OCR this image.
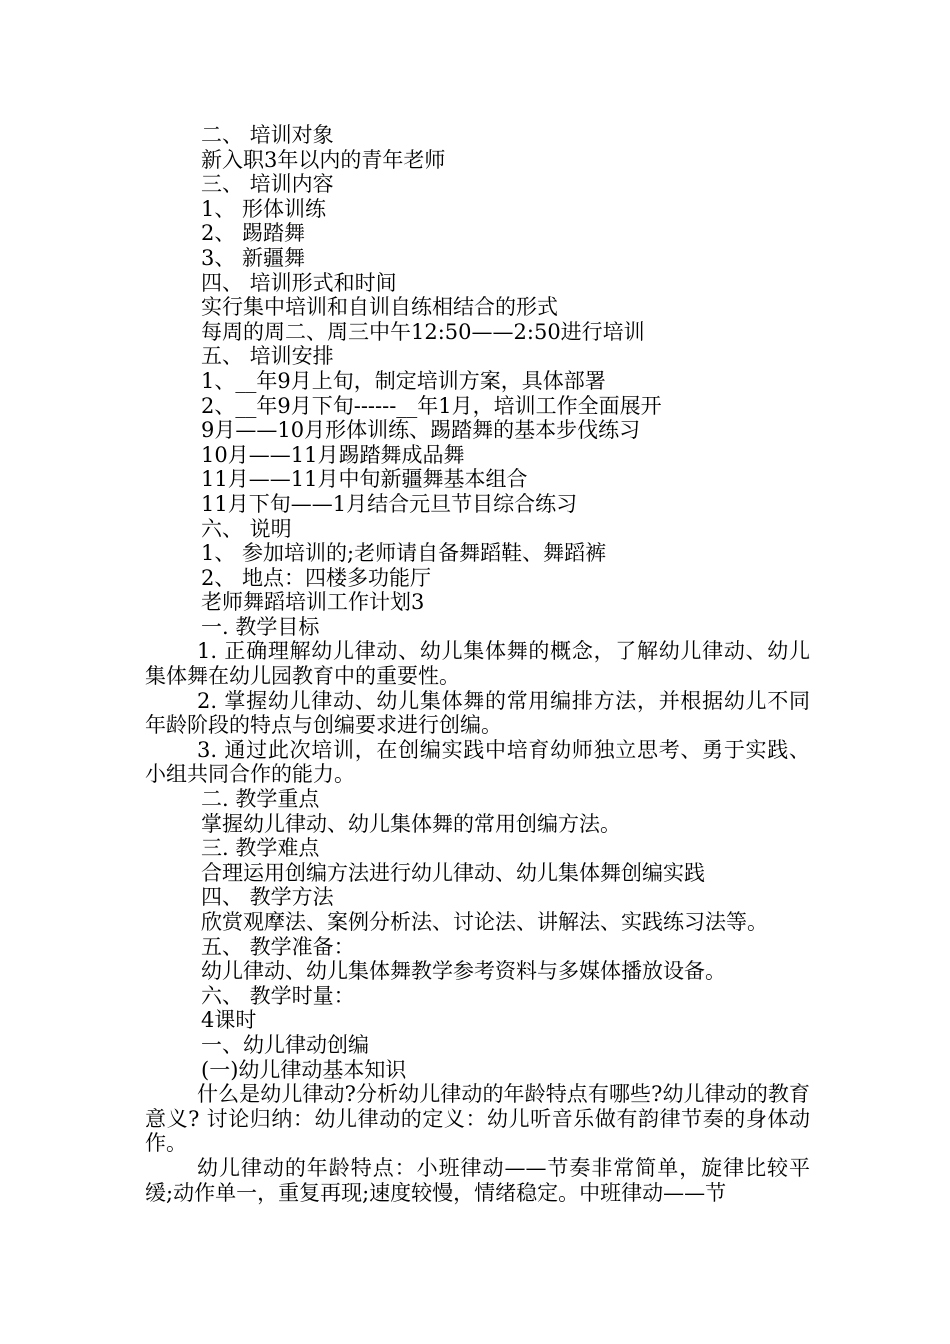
二、 培训对象
新入职3年以内的青年老师
三、 培训内容
1、 形体训练
2、 踢踏舞
3、 新疆舞
四、 培训形式和时间
实行集中培训和自训自练相结合的形式
每周的周二、周三中午12:50——2:50进行培训
五、 培训安排
1、__年9月上旬，制定培训方案，具体部署
2、__年9月下旬------__年1月，培训工作全面展开
9月——10月形体训练、踢踏舞的基本步伐练习
10月——11月踢踏舞成品舞
11月——11月中旬新疆舞基本组合
11月下旬——1月结合元旦节目综合练习
六、 说明
1、 参加培训的;老师请自备舞蹈鞋、舞蹈裤
2、 地点：四楼多功能厅
老师舞蹈培训工作计划3
一. 教学目标
1. 正确理解幼儿律动、幼儿集体舞的概念，了解幼儿律动、幼儿集体舞在幼儿园教育中的重要性。
2. 掌握幼儿律动、幼儿集体舞的常用编排方法，并根据幼儿不同年龄阶段的特点与创编要求进行创编。
3. 通过此次培训，在创编实践中培育幼师独立思考、勇于实践、小组共同合作的能力。
二. 教学重点
掌握幼儿律动、幼儿集体舞的常用创编方法。
三. 教学难点
合理运用创编方法进行幼儿律动、幼儿集体舞创编实践
四、 教学方法
欣赏观摩法、案例分析法、讨论法、讲解法、实践练习法等。
五、 教学准备：
幼儿律动、幼儿集体舞教学参考资料与多媒体播放设备。
六、 教学时量：
4课时
一、幼儿律动创编
(一)幼儿律动基本知识
什么是幼儿律动?分析幼儿律动的年龄特点有哪些?幼儿律动的教育意义? 讨论归纳：幼儿律动的定义：幼儿听音乐做有韵律节奏的身体动作。
幼儿律动的年龄特点：小班律动——节奏非常简单，旋律比较平缓;动作单一，重复再现;速度较慢，情绪稳定。中班律动——节
